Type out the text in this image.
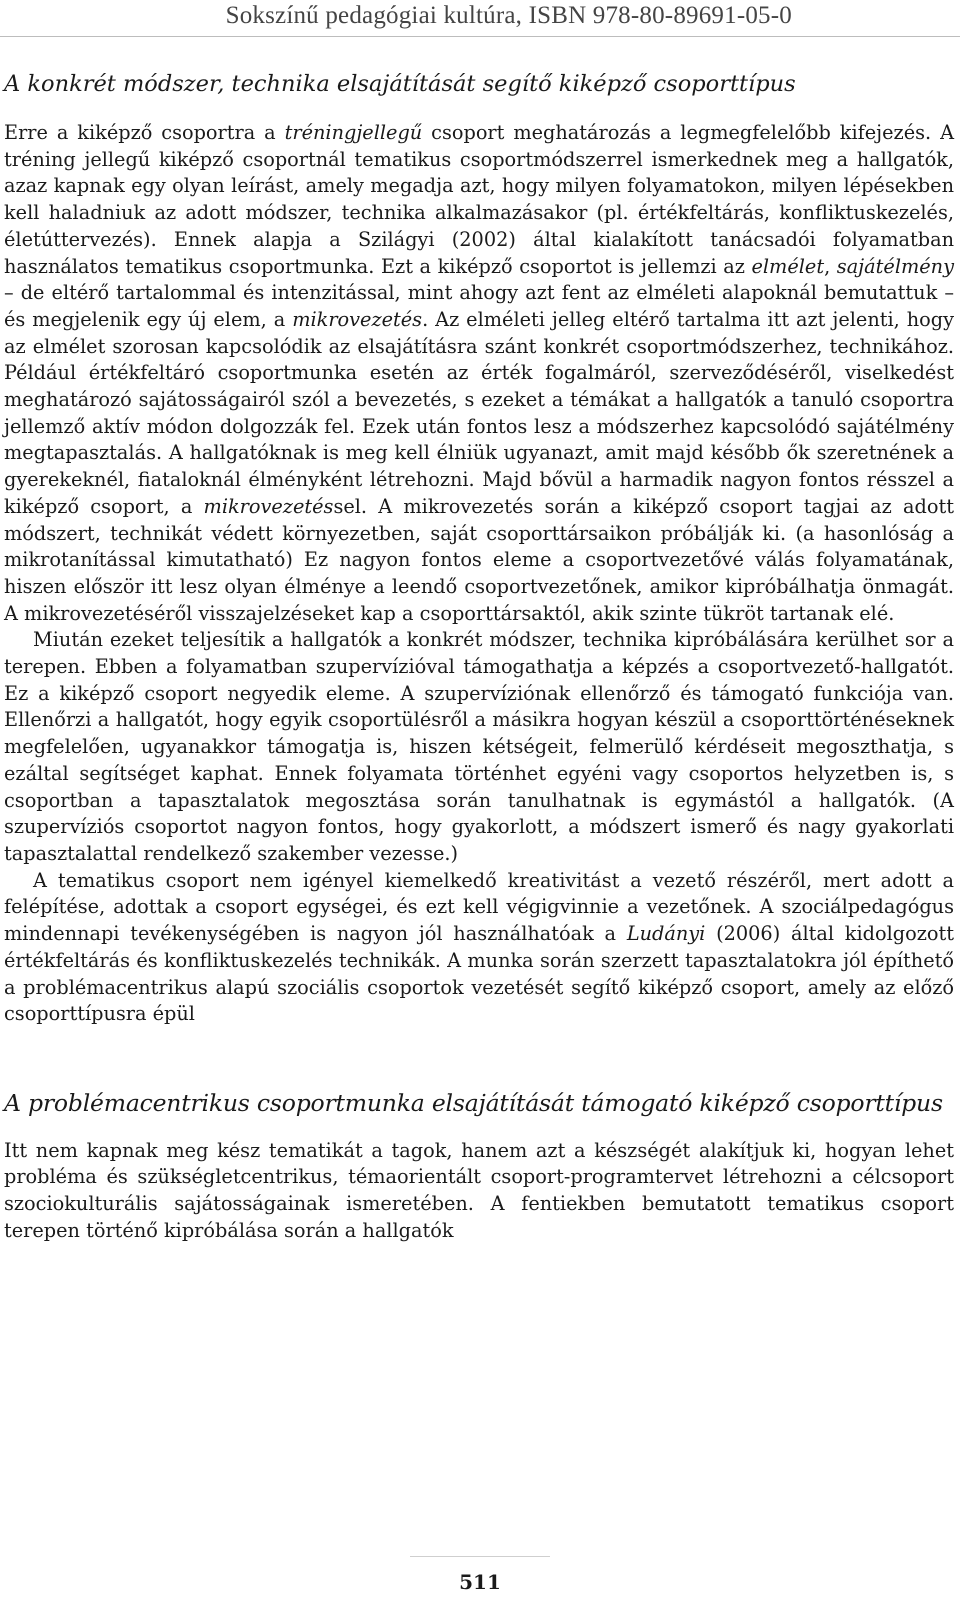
Sokszínű pedagógiai kultúra, ISBN 978-80-89691-05-0
A konkrét módszer, technika elsajátítását segítő kiképző csoporttípus

Erre a kiképző csoportra a tréningjellegű csoport meghatározás a legmegfelelőbb kifejezés. A tréning jellegű kiképző csoportnál tematikus csoportmódszerrel ismerkednek meg a hallgatók, azaz kapnak egy olyan leírást, amely megadja azt, hogy milyen folyamatokon, milyen lépésekben kell haladniuk az adott módszer, technika alkalmazásakor (pl. értékfeltárás, konfliktuskezelés, életúttervezés). Ennek alapja a Szilágyi (2002) által kialakított tanácsadói folyamatban használatos tematikus csoportmunka. Ezt a kiképző csoportot is jellemzi az elmélet, sajátélmény – de eltérő tartalommal és intenzitással, mint ahogy azt fent az elméleti alapoknál bemutattuk – és megjelenik egy új elem, a mikrovezetés. Az elméleti jelleg eltérő tartalma itt azt jelenti, hogy az elmélet szorosan kapcsolódik az elsajátításra szánt konkrét csoportmódszerhez, technikához. Például értékfeltáró csoportmunka esetén az érték fogalmáról, szerveződéséről, viselkedést meghatározó sajátosságairól szól a bevezetés, s ezeket a témákat a hallgatók a tanuló csoportra jellemző aktív módon dolgozzák fel. Ezek után fontos lesz a módszerhez kapcsolódó sajátélmény megtapasztalás. A hallgatóknak is meg kell élniük ugyanazt, amit majd később ők szeretnének a gyerekeknél, fiataloknál élményként létrehozni. Majd bővül a harmadik nagyon fontos résszel a kiképző csoport, a mikrovezetéssel. A mikrovezetés során a kiképző csoport tagjai az adott módszert, technikát védett környezetben, saját csoporttársaikon próbálják ki. (a hasonlóság a mikrotanítással kimutatható) Ez nagyon fontos eleme a csoportvezetővé válás folyamatának, hiszen először itt lesz olyan élménye a leendő csoportvezetőnek, amikor kipróbálhatja önmagát. A mikrovezetéséről visszajelzéseket kap a csoporttársaktól, akik szinte tükröt tartanak elé.

Miután ezeket teljesítik a hallgatók a konkrét módszer, technika kipróbálására kerülhet sor a terepen. Ebben a folyamatban szupervízióval támogathatja a képzés a csoportvezető-hallgatót. Ez a kiképző csoport negyedik eleme. A szupervíziónak ellenőrző és támogató funkciója van. Ellenőrzi a hallgatót, hogy egyik csoportülésről a másikra hogyan készül a csoporttörténéseknek megfelelően, ugyanakkor támogatja is, hiszen kétségeit, felmerülő kérdéseit megoszthatja, s ezáltal segítséget kaphat. Ennek folyamata történhet egyéni vagy csoportos helyzetben is, s csoportban a tapasztalatok megosztása során tanulhatnak is egymástól a hallgatók. (A szupervíziós csoportot nagyon fontos, hogy gyakorlott, a módszert ismerő és nagy gyakorlati tapasztalattal rendelkező szakember vezesse.)

A tematikus csoport nem igényel kiemelkedő kreativitást a vezető részéről, mert adott a felépítése, adottak a csoport egységei, és ezt kell végigvinnie a vezetőnek. A szociálpedagógus mindennapi tevékenységében is nagyon jól használhatóak a Ludányi (2006) által kidolgozott értékfeltárás és konfliktuskezelés technikák. A munka során szerzett tapasztalatokra jól építhető a problémacentrikus alapú szociális csoportok vezetését segítő kiképző csoport, amely az előző csoporttípusra épül

A problémacentrikus csoportmunka elsajátítását támogató kiképző csoporttípus

Itt nem kapnak meg kész tematikát a tagok, hanem azt a készségét alakítjuk ki, hogyan lehet probléma és szükségletcentrikus, témaorientált csoport-programtervet létrehozni a célcsoport szociokulturális sajátosságainak ismeretében. A fentiekben bemutatott tematikus csoport terepen történő kipróbálása során a hallgatók

511
